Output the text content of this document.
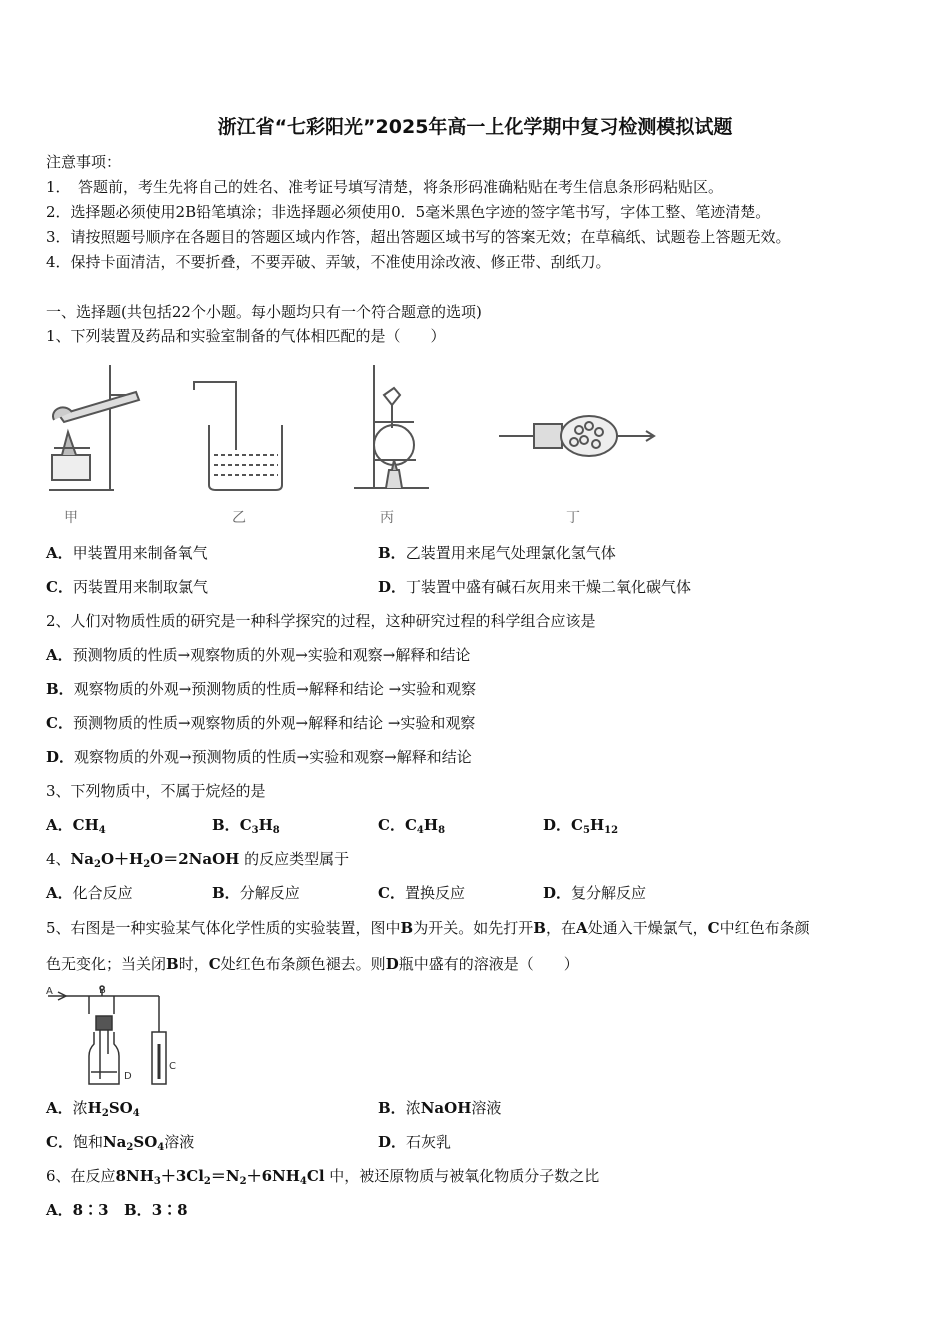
浙江省“七彩阳光”2025年高一上化学期中复习检测模拟试题
注意事项：
1．　答题前，考生先将自己的姓名、准考证号填写清楚，将条形码准确粘贴在考生信息条形码粘贴区。
2．选择题必须使用2B铅笔填涂；非选择题必须使用0．5毫米黑色字迹的签字笔书写，字体工整、笔迹清楚。
3．请按照题号顺序在各题目的答题区域内作答，超出答题区域书写的答案无效；在草稿纸、试题卷上答题无效。
4．保持卡面清洁，不要折叠，不要弄破、弄皱，不准使用涂改液、修正带、刮纸刀。
一、选择题(共包括22个小题。每小题均只有一个符合题意的选项)
1、下列装置及药品和实验室制备的气体相匹配的是（　　）
甲	乙	丙	丁
A．甲装置用来制备氧气	B．乙装置用来尾气处理氯化氢气体
C．丙装置用来制取氯气	D．丁装置中盛有碱石灰用来干燥二氧化碳气体
2、人们对物质性质的研究是一种科学探究的过程，这种研究过程的科学组合应该是
A．预测物质的性质→观察物质的外观→实验和观察→解释和结论
B．观察物质的外观→预测物质的性质→解释和结论 →实验和观察
C．预测物质的性质→观察物质的外观→解释和结论 →实验和观察
D．观察物质的外观→预测物质的性质→实验和观察→解释和结论
3、下列物质中，不属于烷烃的是
A．$CH_4$	B．$C_3H_8$	C．$C_4H_8$	D．$C_5H_{12}$
4、$Na_2O+H_2O=2NaOH$ 的反应类型属于
A．化合反应	B．分解反应	C．置换反应	D．复分解反应
5、右图是一种实验某气体化学性质的实验装置，图中B为开关。如先打开B，在A处通入干燥氯气，C中红色布条颜
色无变化；当关闭B时，C处红色布条颜色褪去。则D瓶中盛有的溶液是（　　）
A	B
D
C
A．浓$H_2SO_4$	B．浓NaOH溶液
C．饱和$Na_2SO_4$溶液	D．石灰乳
6、在反应$8NH_3+3Cl_2=N_2+6NH_4Cl$ 中，被还原物质与被氧化物质分子数之比
A．8∶3 B．3∶8
